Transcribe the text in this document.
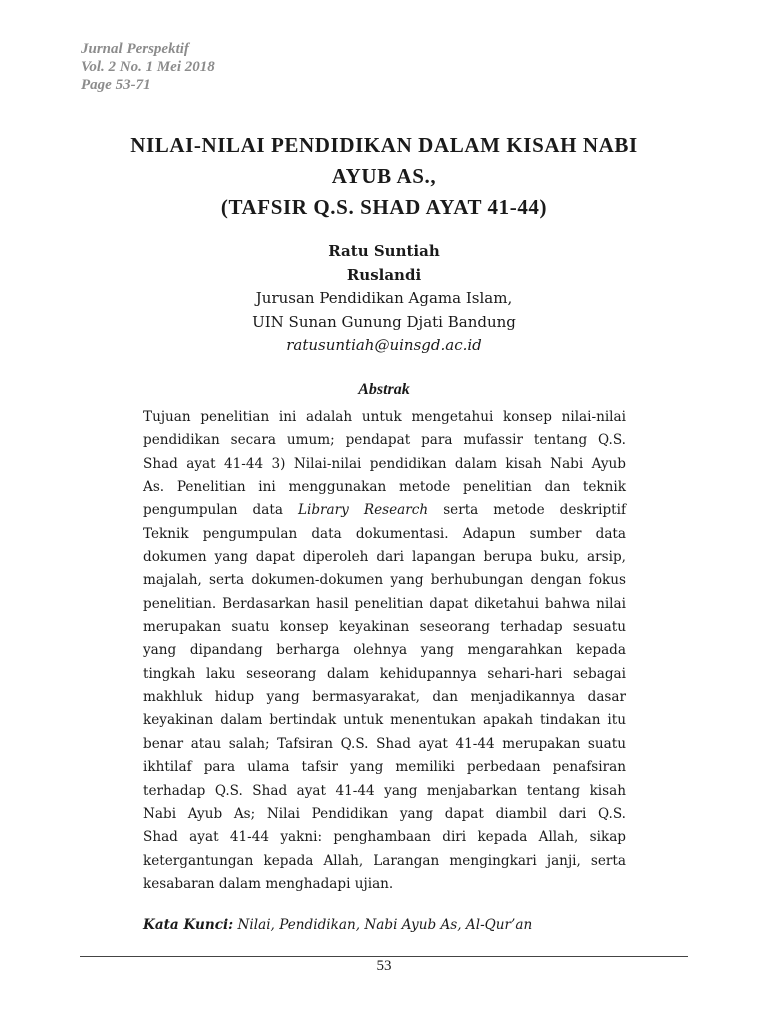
Jurnal Perspektif
Vol. 2 No. 1 Mei 2018
Page 53-71
NILAI-NILAI PENDIDIKAN DALAM KISAH NABI
AYUB AS.,
(TAFSIR Q.S. SHAD AYAT 41-44)
Ratu Suntiah
Ruslandi
Jurusan Pendidikan Agama Islam,
UIN Sunan Gunung Djati Bandung
ratusuntiah@uinsgd.ac.id
Abstrak
Tujuan penelitian ini adalah untuk mengetahui konsep nilai-nilai
pendidikan secara umum; pendapat para mufassir tentang Q.S.
Shad ayat 41-44 3) Nilai-nilai pendidikan dalam kisah Nabi Ayub
As. Penelitian ini menggunakan metode penelitian dan teknik
pengumpulan data Library Research serta metode deskriptif
Teknik pengumpulan data dokumentasi. Adapun sumber data
dokumen yang dapat diperoleh dari lapangan berupa buku, arsip,
majalah, serta dokumen-dokumen yang berhubungan dengan fokus
penelitian. Berdasarkan hasil penelitian dapat diketahui bahwa nilai
merupakan suatu konsep keyakinan seseorang terhadap sesuatu
yang dipandang berharga olehnya yang mengarahkan kepada
tingkah laku seseorang dalam kehidupannya sehari-hari sebagai
makhluk hidup yang bermasyarakat, dan menjadikannya dasar
keyakinan dalam bertindak untuk menentukan apakah tindakan itu
benar atau salah; Tafsiran Q.S. Shad ayat 41-44 merupakan suatu
ikhtilaf para ulama tafsir yang memiliki perbedaan penafsiran
terhadap Q.S. Shad ayat 41-44 yang menjabarkan tentang kisah
Nabi Ayub As; Nilai Pendidikan yang dapat diambil dari Q.S.
Shad ayat 41-44 yakni: penghambaan diri kepada Allah, sikap
ketergantungan kepada Allah, Larangan mengingkari janji, serta
kesabaran dalam menghadapi ujian.
Kata Kunci: Nilai, Pendidikan, Nabi Ayub As, Al-Qur’an
53
